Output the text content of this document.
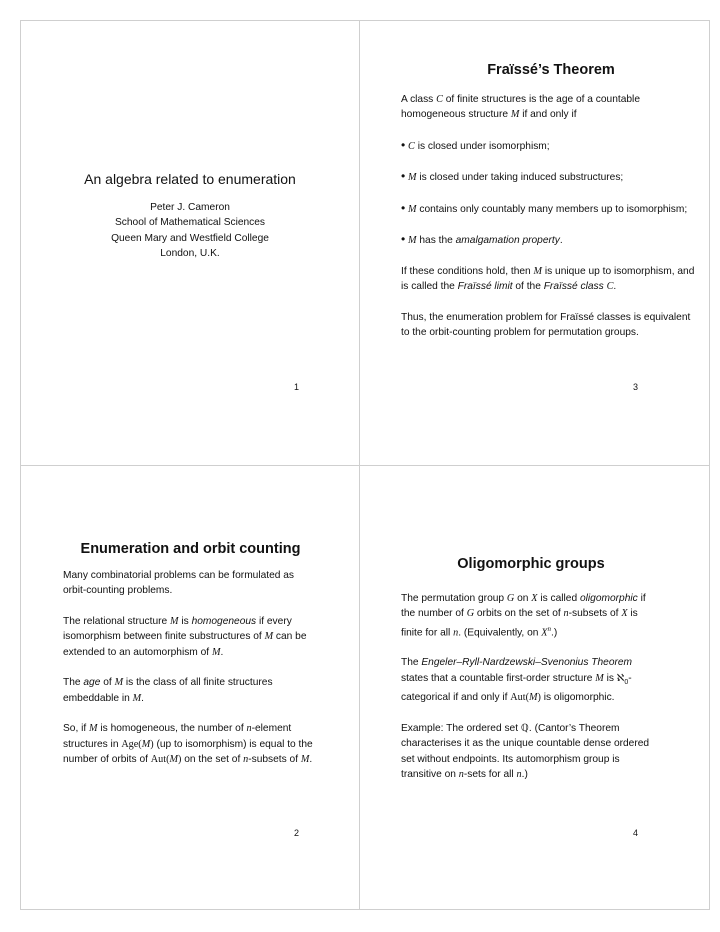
An algebra related to enumeration

Peter J. Cameron

School of Mathematical Sciences

Queen Mary and Westfield College

London, U.K.

1

Fraïssé’s Theorem

A class C of finite structures is the age of a countable homogeneous structure M if and only if

• C is closed under isomorphism;

• M is closed under taking induced substructures;

• M contains only countably many members up to isomorphism;

• M has the amalgamation property.

If these conditions hold, then M is unique up to isomorphism, and is called the Fraïssé limit of the Fraïssé class C.

Thus, the enumeration problem for Fraïssé classes is equivalent to the orbit-counting problem for permutation groups.

3

Enumeration and orbit counting

Many combinatorial problems can be formulated as orbit-counting problems.

The relational structure M is homogeneous if every isomorphism between finite substructures of M can be extended to an automorphism of M.

The age of M is the class of all finite structures embeddable in M.

So, if M is homogeneous, the number of n-element structures in Age(M) (up to isomorphism) is equal to the number of orbits of Aut(M) on the set of n-subsets of M.

2

Oligomorphic groups

The permutation group G on X is called oligomorphic if the number of G orbits on the set of n-subsets of X is finite for all n. (Equivalently, on $X^n$.)

The Engeler–Ryll-Nardzewski–Svenonius Theorem states that a countable first-order structure M is ℵ$_0$-categorical if and only if Aut(M) is oligomorphic.

Example: The ordered set ℚ. (Cantor’s Theorem characterises it as the unique countable dense ordered set without endpoints. Its automorphism group is transitive on n-sets for all n.)

4
